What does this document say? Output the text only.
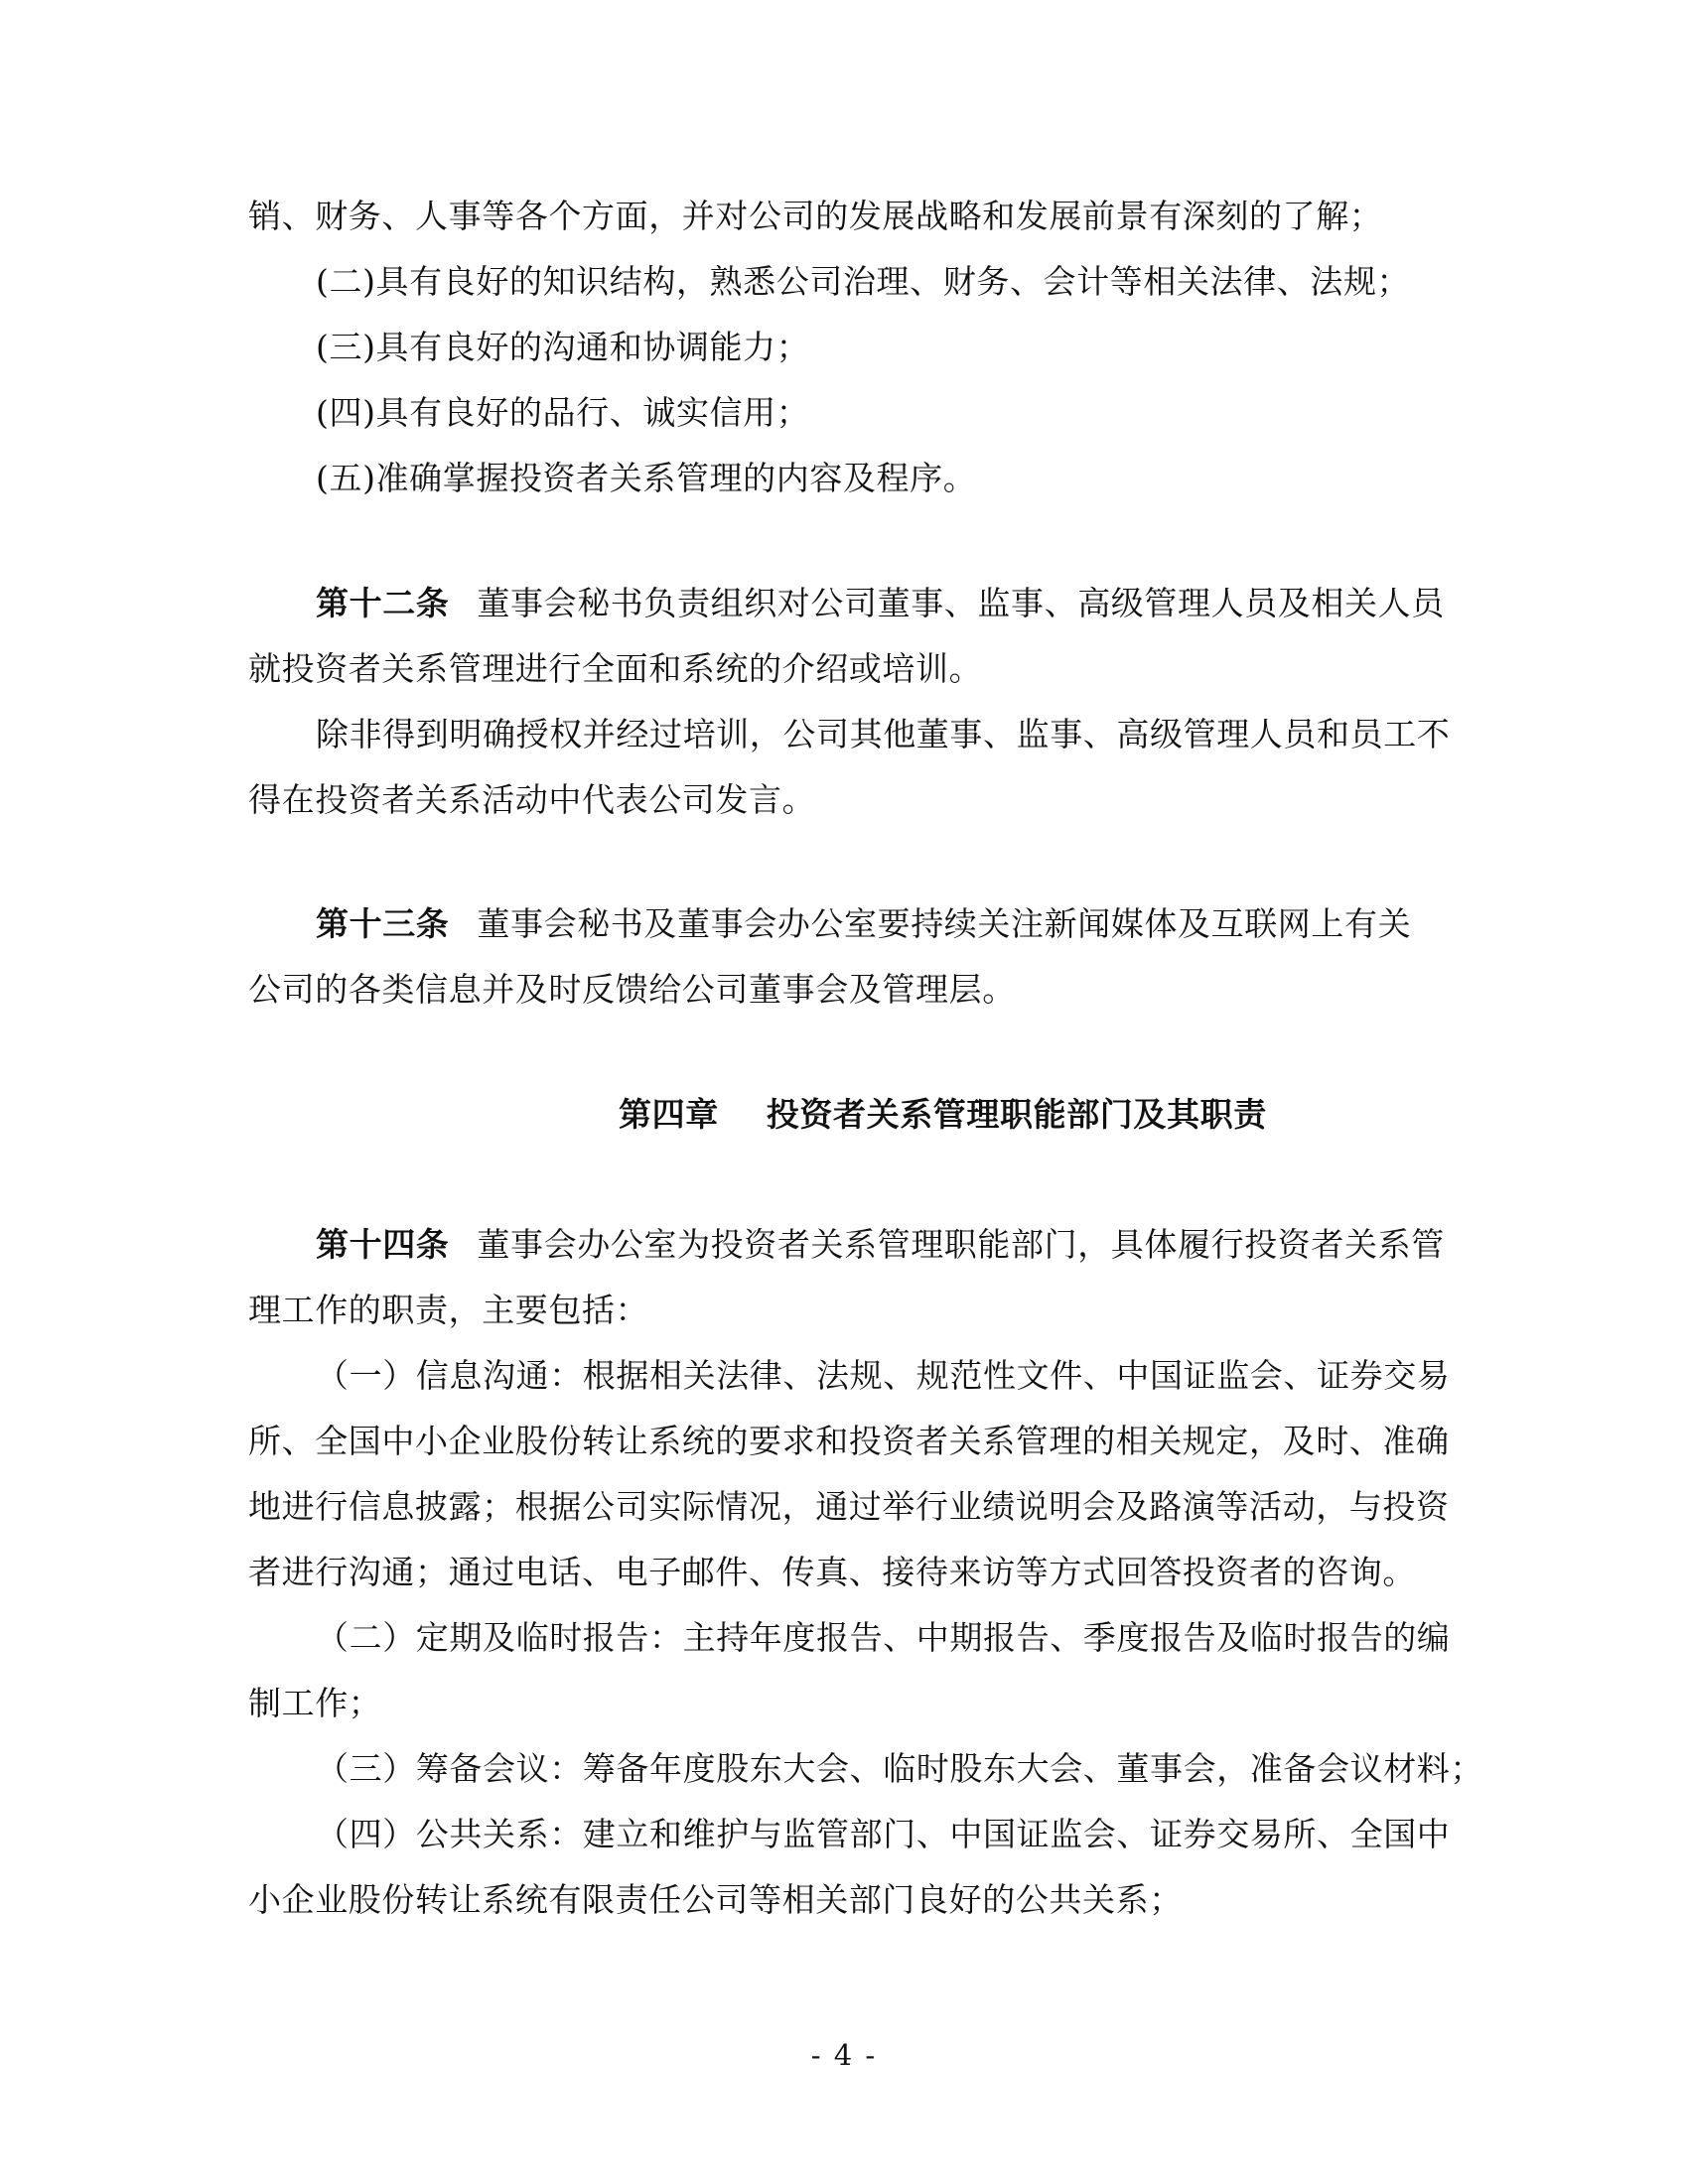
销、财务、人事等各个方面，并对公司的发展战略和发展前景有深刻的了解；
(二)具有良好的知识结构，熟悉公司治理、财务、会计等相关法律、法规；
(三)具有良好的沟通和协调能力；
(四)具有良好的品行、诚实信用；
(五)准确掌握投资者关系管理的内容及程序。
第十二条 董事会秘书负责组织对公司董事、监事、高级管理人员及相关人员
就投资者关系管理进行全面和系统的介绍或培训。
除非得到明确授权并经过培训，公司其他董事、监事、高级管理人员和员工不
得在投资者关系活动中代表公司发言。
第十三条 董事会秘书及董事会办公室要持续关注新闻媒体及互联网上有关
公司的各类信息并及时反馈给公司董事会及管理层。
第四章 投资者关系管理职能部门及其职责
第十四条 董事会办公室为投资者关系管理职能部门，具体履行投资者关系管
理工作的职责，主要包括：
（一）信息沟通：根据相关法律、法规、规范性文件、中国证监会、证券交易
所、全国中小企业股份转让系统的要求和投资者关系管理的相关规定，及时、准确
地进行信息披露；根据公司实际情况，通过举行业绩说明会及路演等活动，与投资
者进行沟通；通过电话、电子邮件、传真、接待来访等方式回答投资者的咨询。
（二）定期及临时报告：主持年度报告、中期报告、季度报告及临时报告的编
制工作；
（三）筹备会议：筹备年度股东大会、临时股东大会、董事会，准备会议材料；
（四）公共关系：建立和维护与监管部门、中国证监会、证券交易所、全国中
小企业股份转让系统有限责任公司等相关部门良好的公共关系；
- 4 -
